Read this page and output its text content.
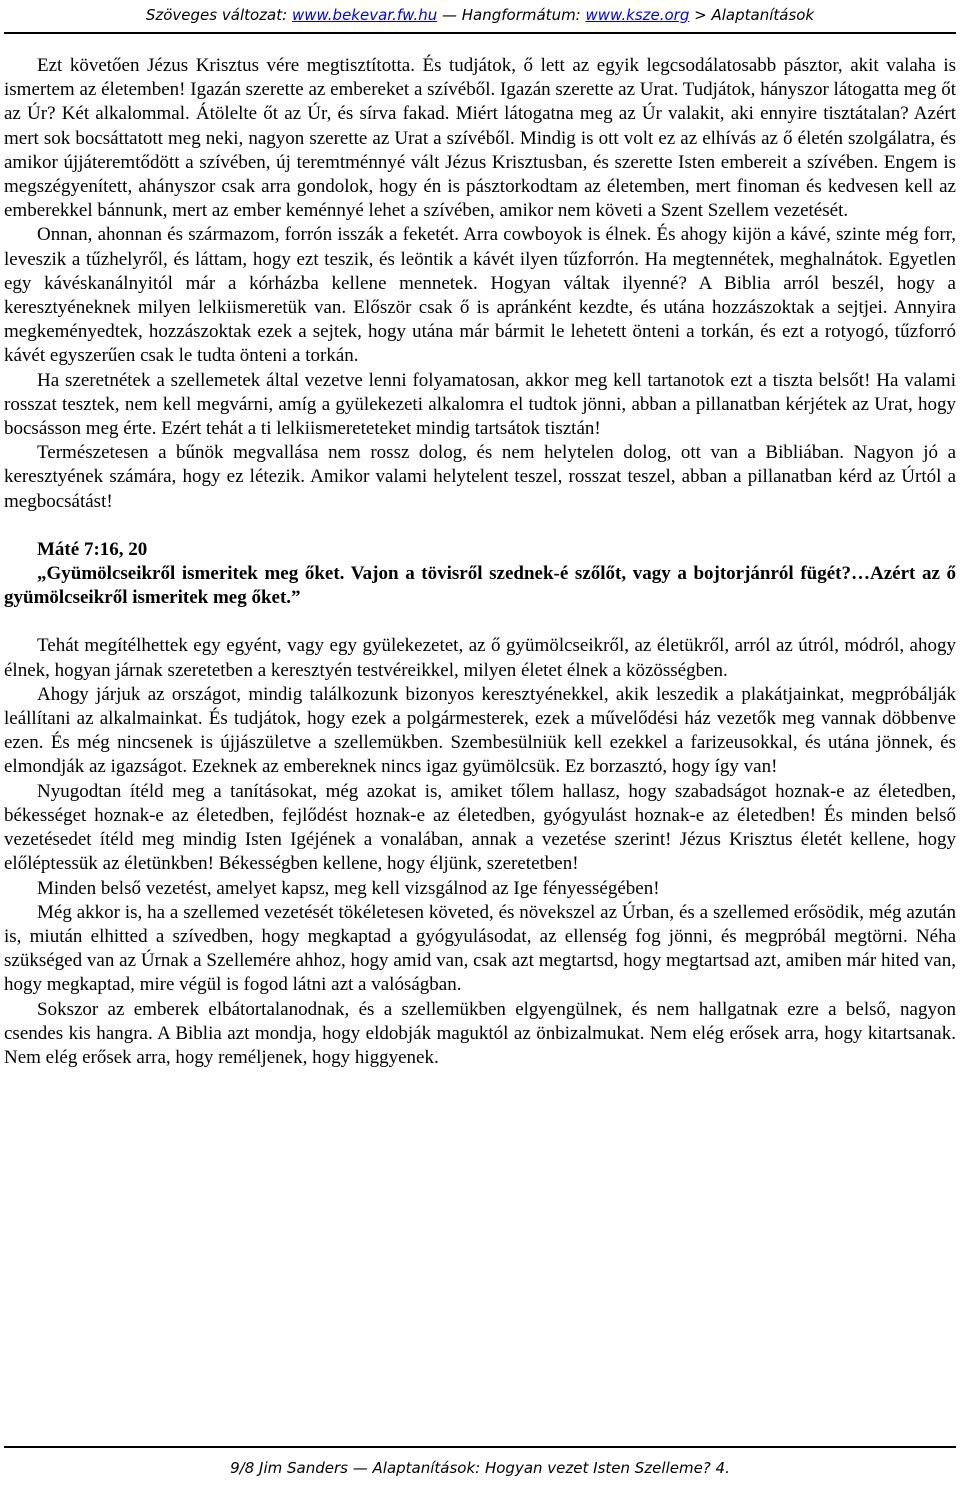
Szöveges változat: www.bekevar.fw.hu — Hangformátum: www.ksze.org > Alaptanítások

Ezt követően Jézus Krisztus vére megtisztította. És tudjátok, ő lett az egyik legcsodálatosabb pásztor, akit valaha is ismertem az életemben! Igazán szerette az embereket a szívéből. Igazán szerette az Urat. Tudjátok, hányszor látogatta meg őt az Úr? Két alkalommal. Átölelte őt az Úr, és sírva fakad. Miért látogatna meg az Úr valakit, aki ennyire tisztátalan? Azért mert sok bocsáttatott meg neki, nagyon szerette az Urat a szívéből. Mindig is ott volt ez az elhívás az ő életén szolgálatra, és amikor újjáteremtődött a szívében, új teremtménnyé vált Jézus Krisztusban, és szerette Isten embereit a szívében. Engem is megszégyenített, ahányszor csak arra gondolok, hogy én is pásztorkodtam az életemben, mert finoman és kedvesen kell az emberekkel bánnunk, mert az ember keménnyé lehet a szívében, amikor nem követi a Szent Szellem vezetését.

Onnan, ahonnan és származom, forrón isszák a feketét. Arra cowboyok is élnek. És ahogy kijön a kávé, szinte még forr, leveszik a tűzhelyről, és láttam, hogy ezt teszik, és leöntik a kávét ilyen tűzforrón. Ha megtennétek, meghalnátok. Egyetlen egy kávéskanálnyitól már a kórházba kellene mennetek. Hogyan váltak ilyenné? A Biblia arról beszél, hogy a keresztyéneknek milyen lelkiismeretük van. Először csak ő is apránként kezdte, és utána hozzászoktak a sejtjei. Annyira megkeményedtek, hozzászoktak ezek a sejtek, hogy utána már bármit le lehetett önteni a torkán, és ezt a rotyogó, tűzforró kávét egyszerűen csak le tudta önteni a torkán.

Ha szeretnétek a szellemetek által vezetve lenni folyamatosan, akkor meg kell tartanotok ezt a tiszta belsőt! Ha valami rosszat tesztek, nem kell megvárni, amíg a gyülekezeti alkalomra el tudtok jönni, abban a pillanatban kérjétek az Urat, hogy bocsásson meg érte. Ezért tehát a ti lelkiismereteteket mindig tartsátok tisztán!

Természetesen a bűnök megvallása nem rossz dolog, és nem helytelen dolog, ott van a Bibliában. Nagyon jó a keresztyének számára, hogy ez létezik. Amikor valami helytelent teszel, rosszat teszel, abban a pillanatban kérd az Úrtól a megbocsátást!

Máté 7:16, 20

„Gyümölcseikről ismeritek meg őket. Vajon a tövisről szednek-é szőlőt, vagy a bojtorjánról fügét?…Azért az ő gyümölcseikről ismeritek meg őket.”

Tehát megítélhettek egy egyént, vagy egy gyülekezetet, az ő gyümölcseikről, az életükről, arról az útról, módról, ahogy élnek, hogyan járnak szeretetben a keresztyén testvéreikkel, milyen életet élnek a közösségben.

Ahogy járjuk az országot, mindig találkozunk bizonyos keresztyénekkel, akik leszedik a plakátjainkat, megpróbálják leállítani az alkalmainkat. És tudjátok, hogy ezek a polgármesterek, ezek a művelődési ház vezetők meg vannak döbbenve ezen. És még nincsenek is újjászületve a szellemükben. Szembesülniük kell ezekkel a farizeusokkal, és utána jönnek, és elmondják az igazságot. Ezeknek az embereknek nincs igaz gyümölcsük. Ez borzasztó, hogy így van!

Nyugodtan ítéld meg a tanításokat, még azokat is, amiket tőlem hallasz, hogy szabadságot hoznak-e az életedben, békességet hoznak-e az életedben, fejlődést hoznak-e az életedben, gyógyulást hoznak-e az életedben! És minden belső vezetésedet ítéld meg mindig Isten Igéjének a vonalában, annak a vezetése szerint! Jézus Krisztus életét kellene, hogy előléptessük az életünkben! Békességben kellene, hogy éljünk, szeretetben!

Minden belső vezetést, amelyet kapsz, meg kell vizsgálnod az Ige fényességében!

Még akkor is, ha a szellemed vezetését tökéletesen követed, és növekszel az Úrban, és a szellemed erősödik, még azután is, miután elhitted a szívedben, hogy megkaptad a gyógyulásodat, az ellenség fog jönni, és megpróbál megtörni. Néha szükséged van az Úrnak a Szellemére ahhoz, hogy amid van, csak azt megtartsd, hogy megtartsad azt, amiben már hited van, hogy megkaptad, mire végül is fogod látni azt a valóságban.

Sokszor az emberek elbátortalanodnak, és a szellemükben elgyengülnek, és nem hallgatnak ezre a belső, nagyon csendes kis hangra. A Biblia azt mondja, hogy eldobják maguktól az önbizalmukat. Nem elég erősek arra, hogy kitartsanak. Nem elég erősek arra, hogy reméljenek, hogy higgyenek.

9/8 Jim Sanders — Alaptanítások: Hogyan vezet Isten Szelleme? 4.
